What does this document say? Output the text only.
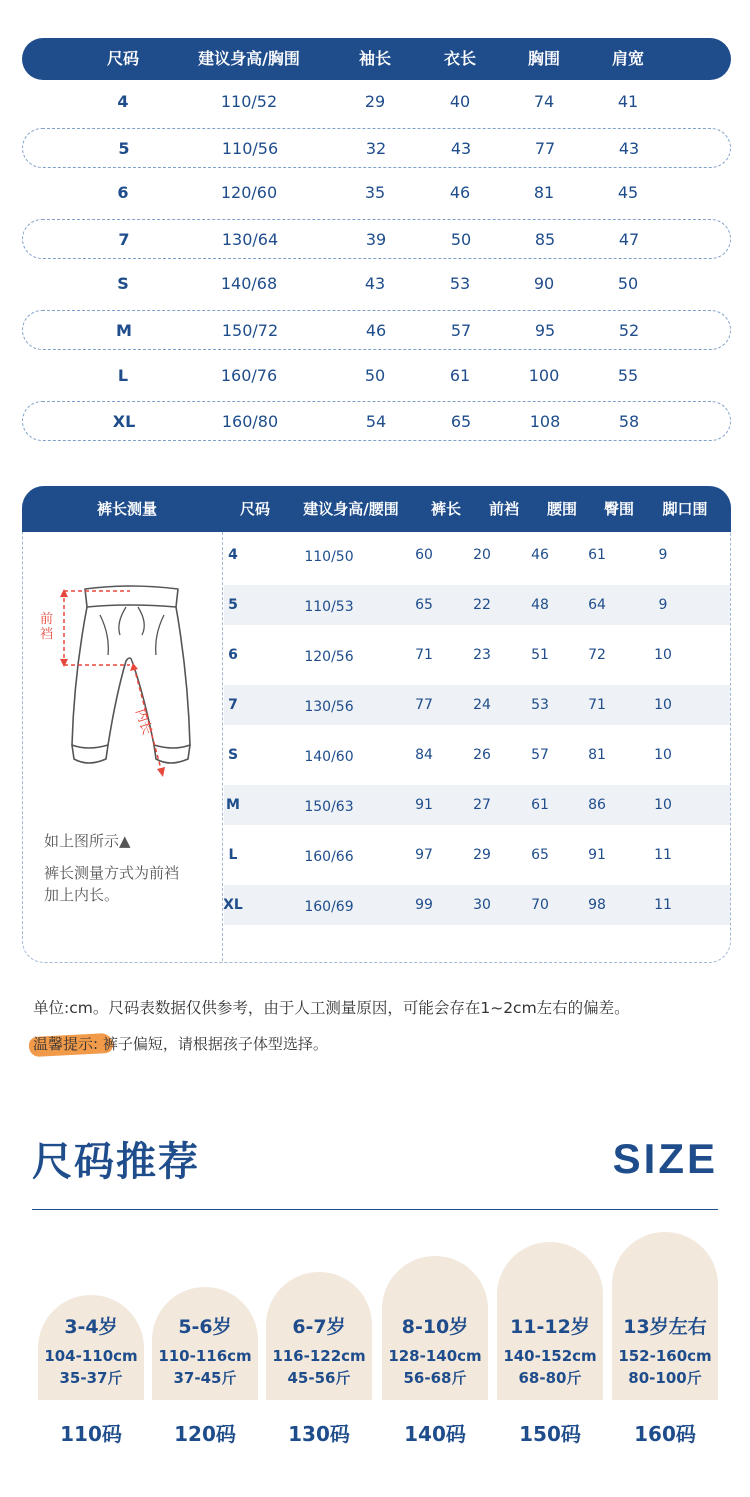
尺码	建议身高/胸围	袖长	衣长	胸围	肩宽
4	110/52	29	40	74	41
5	110/56	32	43	77	43
6	120/60	35	46	81	45
7	130/64	39	50	85	47
S	140/68	43	53	90	50
M	150/72	46	57	95	52
L	160/76	50	61	100	55
XL	160/80	54	65	108	58
裤长测量	尺码 建议身高/腰围 裤长 前裆 腰围 臀围 脚口围
前裆
内长
如上图所示▲
裤长测量方式为前裆
加上内长。
4	110/50	60	20	46	61	9
5	110/53	65	22	48	64	9
6	120/56	71	23	51	72	10
7	130/56	77	24	53	71	10
S	140/60	84	26	57	81	10
M	150/63	91	27	61	86	10
L	160/66	97	29	65	91	11
XL	160/69	99	30	70	98	11
单位:cm。尺码表数据仅供参考，由于人工测量原因，可能会存在1~2cm左右的偏差。
温馨提示: 裤子偏短，请根据孩子体型选择。
尺码推荐	SIZE
3-4岁
104-110cm
35-37斤
110码
5-6岁
110-116cm
37-45斤
120码
6-7岁
116-122cm
45-56斤
130码
8-10岁
128-140cm
56-68斤
140码
11-12岁
140-152cm
68-80斤
150码
13岁左右
152-160cm
80-100斤
160码
